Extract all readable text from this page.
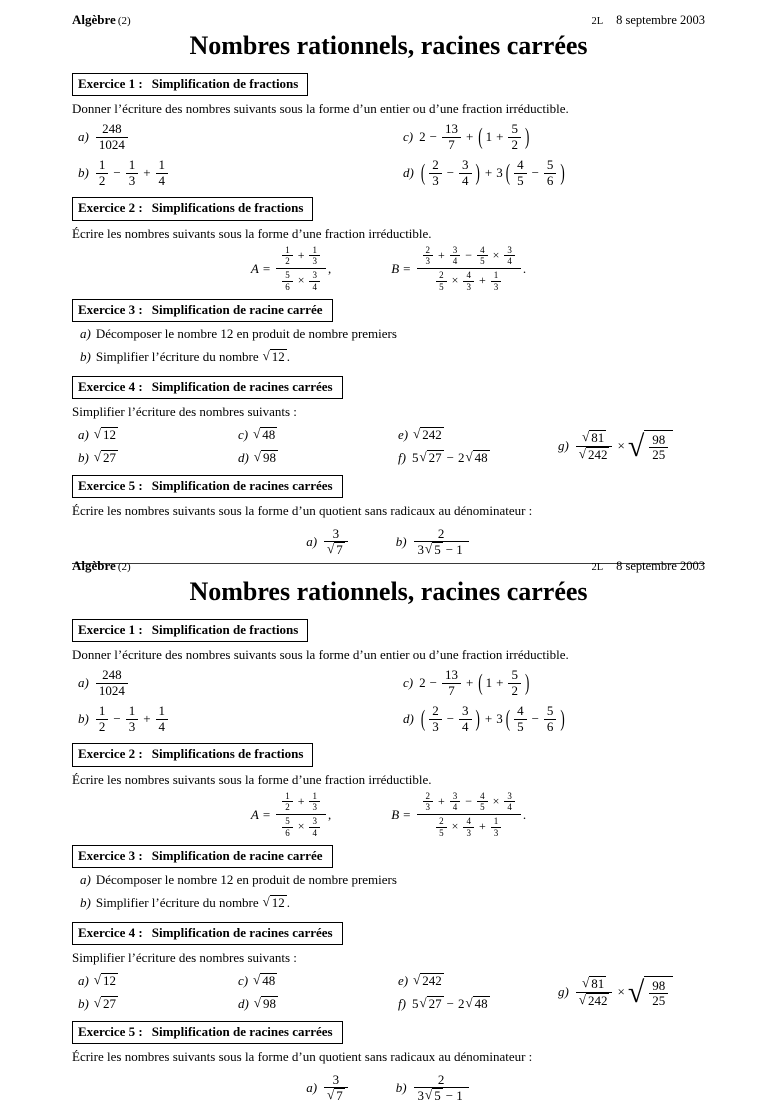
Algèbre (2)	2L 8 septembre 2003
Nombres rationnels, racines carrées
Exercice 1 : Simplification de fractions
Donner l’écriture des nombres suivants sous la forme d’un entier ou d’une fraction irréductible.
$a) \frac{248}{1024}$	c) $2 - \frac{13}{7}$ + ( $1 + \frac{5}{2}$ )
$b) \frac{1}{2} - \frac{1}{3} + \frac{1}{4}$	d) ( $\frac{2}{3} - \frac{3}{4}$ ) + 3 ( $\frac{4}{5} - \frac{5}{6}$ )
Exercice 2 : Simplifications de fractions
Écrire les nombres suivants sous la forme d’une fraction irréductible.
$A = \frac{\frac{1}{2} + \frac{1}{3}}{\frac{5}{6} \times \frac{3}{4}}$ ,	$B = \frac{\frac{2}{3} + \frac{3}{4} - \frac{4}{5} \times \frac{3}{4}}{\frac{2}{5} \times \frac{4}{3} + \frac{1}{3}}$ .
Exercice 3 : Simplification de racine carrée
a) Décomposer le nombre 12 en produit de nombre premiers
b) Simplifier l’écriture du nombre √ 12 .
Exercice 4 : Simplification de racines carrées
Simplifier l’écriture des nombres suivants :
a) √ 12
b) √ 27
c) √ 48
d) √ 98
e) √ 242
f) 5 √ 27 − 2 √ 48
$g) \frac{√ 81}{√ 242}$ × √ $\frac{98}{25}$
Exercice 5 : Simplification de racines carrées
Écrire les nombres suivants sous la forme d’un quotient sans radicaux au dénominateur :
$a) \frac{3}{√ 7}$	$b) \frac{2}{3√ 5 - 1}$
Algèbre (2)	2L 8 septembre 2003
Nombres rationnels, racines carrées
Exercice 1 : Simplification de fractions
Donner l’écriture des nombres suivants sous la forme d’un entier ou d’une fraction irréductible.
$a) \frac{248}{1024}$	c) $2 - \frac{13}{7}$ + ( $1 + \frac{5}{2}$ )
$b) \frac{1}{2} - \frac{1}{3} + \frac{1}{4}$	d) ( $\frac{2}{3} - \frac{3}{4}$ ) + 3 ( $\frac{4}{5} - \frac{5}{6}$ )
Exercice 2 : Simplifications de fractions
Écrire les nombres suivants sous la forme d’une fraction irréductible.
$A = \frac{\frac{1}{2} + \frac{1}{3}}{\frac{5}{6} \times \frac{3}{4}}$ ,	$B = \frac{\frac{2}{3} + \frac{3}{4} - \frac{4}{5} \times \frac{3}{4}}{\frac{2}{5} \times \frac{4}{3} + \frac{1}{3}}$ .
Exercice 3 : Simplification de racine carrée
a) Décomposer le nombre 12 en produit de nombre premiers
b) Simplifier l’écriture du nombre √ 12 .
Exercice 4 : Simplification de racines carrées
Simplifier l’écriture des nombres suivants :
a) √ 12
b) √ 27
c) √ 48
d) √ 98
e) √ 242
f) 5 √ 27 − 2 √ 48
$g) \frac{√ 81}{√ 242}$ × √ $\frac{98}{25}$
Exercice 5 : Simplification de racines carrées
Écrire les nombres suivants sous la forme d’un quotient sans radicaux au dénominateur :
$a) \frac{3}{√ 7}$	$b) \frac{2}{3√ 5 - 1}$
